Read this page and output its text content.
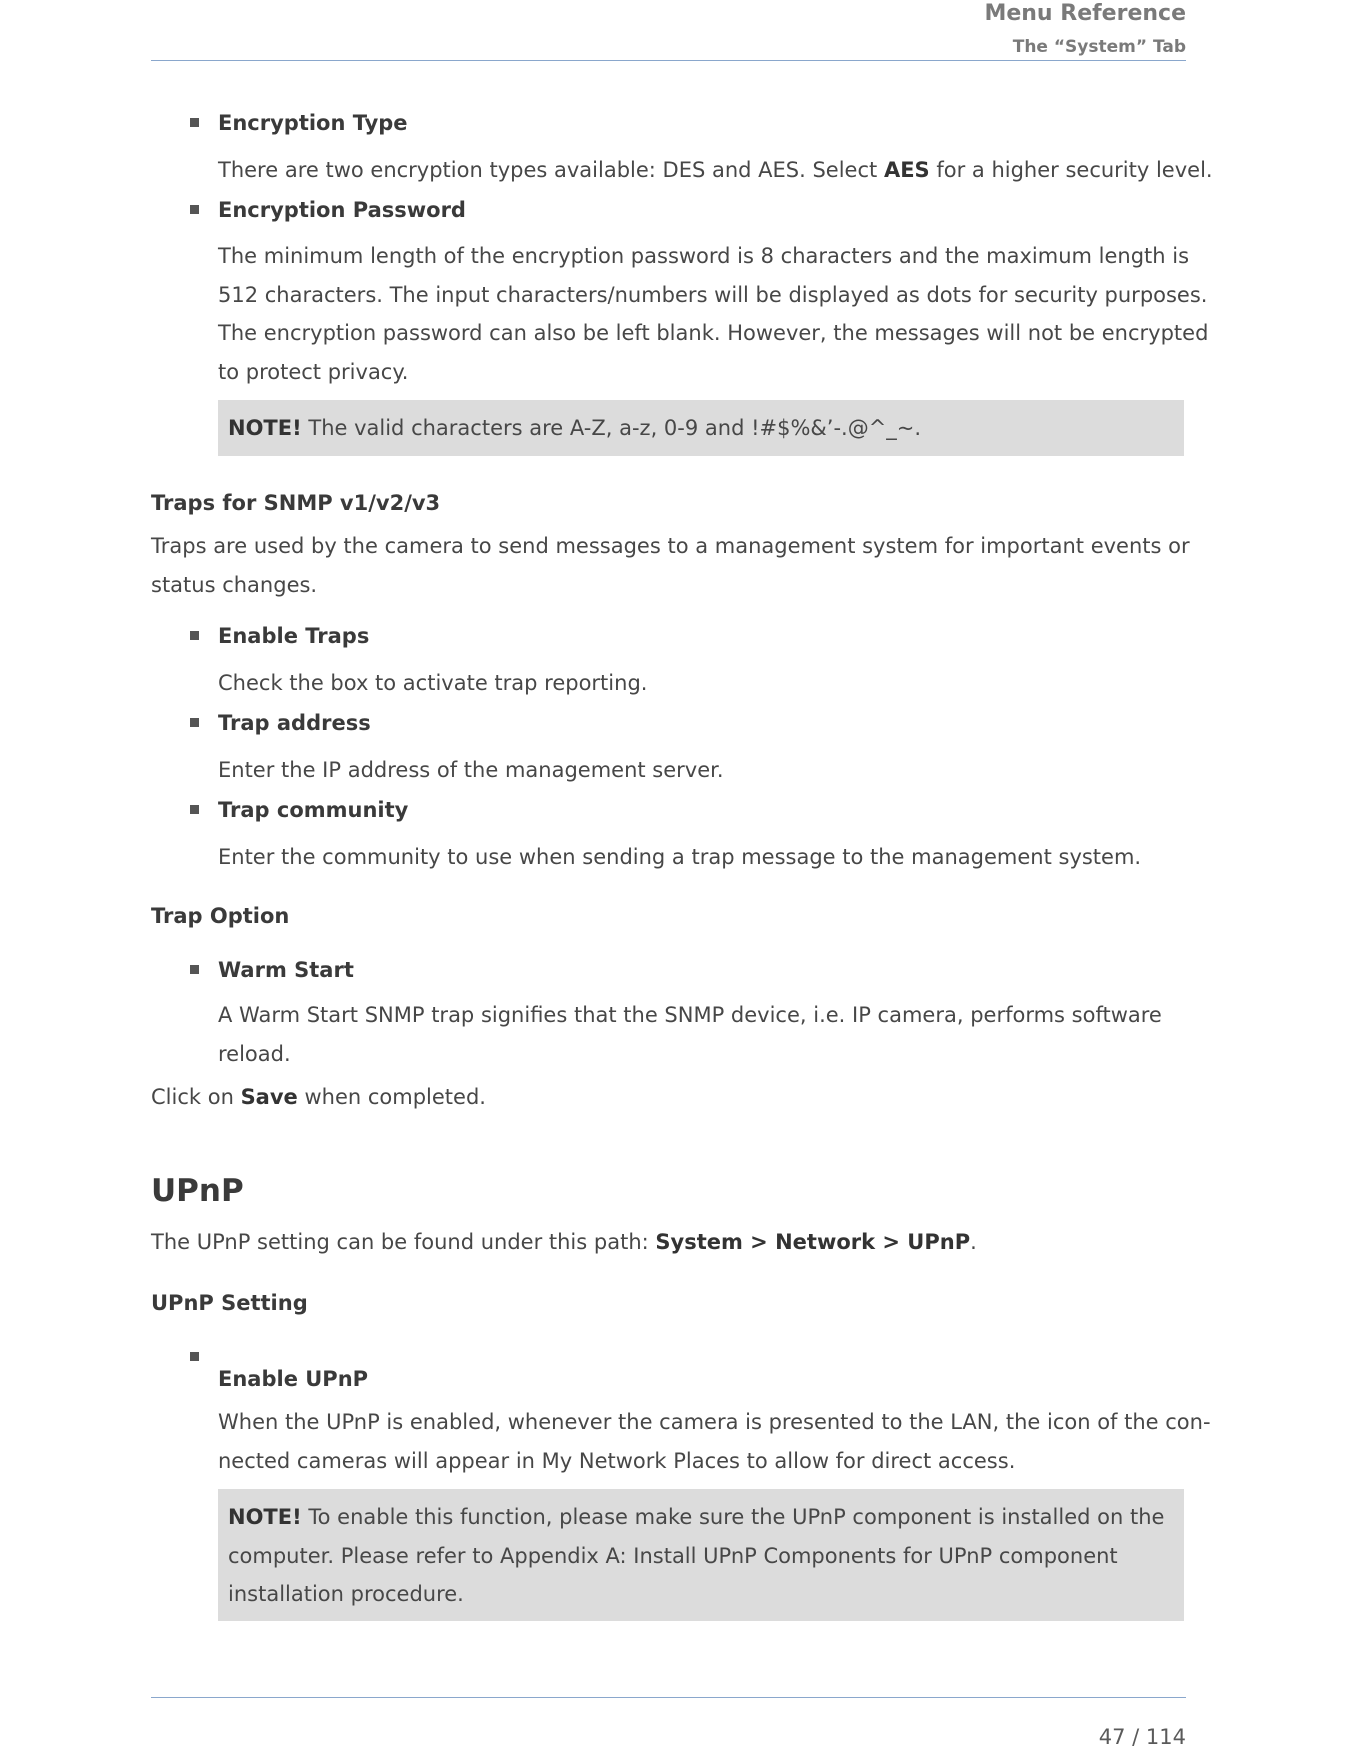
Menu Reference
The “System” Tab
Encryption Type
There are two encryption types available: DES and AES. Select AES for a higher security level.
Encryption Password
The minimum length of the encryption password is 8 characters and the maximum length is
512 characters. The input characters/numbers will be displayed as dots for security purposes.
The encryption password can also be left blank. However, the messages will not be encrypted
to protect privacy.
NOTE! The valid characters are A-Z, a-z, 0-9 and !#$%&’-.@^_~.
Traps for SNMP v1/v2/v3
Traps are used by the camera to send messages to a management system for important events or
status changes.
Enable Traps
Check the box to activate trap reporting.
Trap address
Enter the IP address of the management server.
Trap community
Enter the community to use when sending a trap message to the management system.
Trap Option
Warm Start
A Warm Start SNMP trap signifies that the SNMP device, i.e. IP camera, performs software
reload.
Click on Save when completed.
UPnP
The UPnP setting can be found under this path: System > Network > UPnP.
UPnP Setting
Enable UPnP
When the UPnP is enabled, whenever the camera is presented to the LAN, the icon of the con-
nected cameras will appear in My Network Places to allow for direct access.
NOTE! To enable this function, please make sure the UPnP component is installed on the
computer. Please refer to Appendix A: Install UPnP Components for UPnP component
installation procedure.
47 / 114
